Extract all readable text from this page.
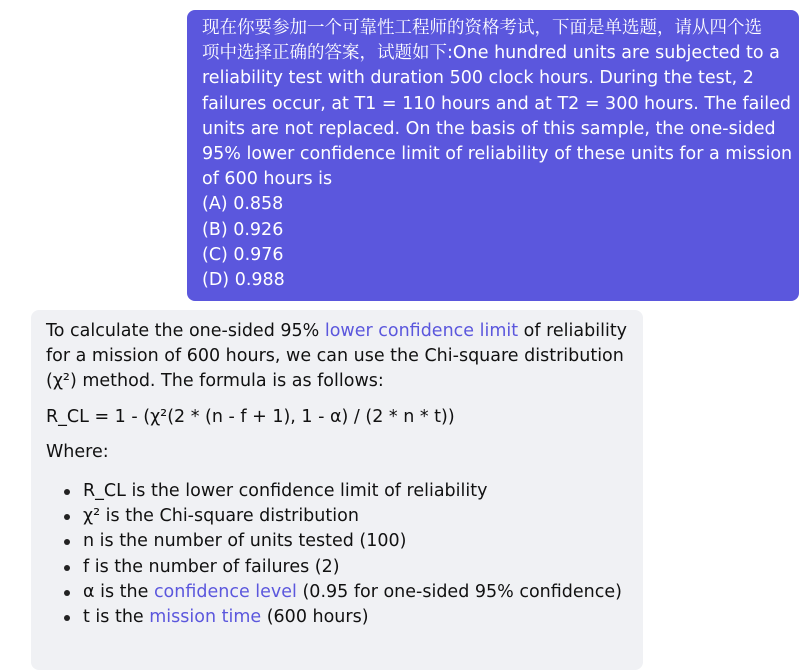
现在你要参加一个可靠性工程师的资格考试，下面是单选题，请从四个选
项中选择正确的答案，试题如下:One hundred units are subjected to a
reliability test with duration 500 clock hours. During the test, 2
failures occur, at T1 = 110 hours and at T2 = 300 hours. The failed
units are not replaced. On the basis of this sample, the one-sided
95% lower confidence limit of reliability of these units for a mission
of 600 hours is
(A) 0.858
(B) 0.926
(C) 0.976
(D) 0.988
To calculate the one-sided 95% lower confidence limit of reliability
for a mission of 600 hours, we can use the Chi-square distribution
(χ²) method. The formula is as follows:
R_CL = 1 - (χ²(2 * (n - f + 1), 1 - α) / (2 * n * t))
Where:
R_CL is the lower confidence limit of reliability
χ² is the Chi-square distribution
n is the number of units tested (100)
f is the number of failures (2)
α is the confidence level (0.95 for one-sided 95% confidence)
t is the mission time (600 hours)
